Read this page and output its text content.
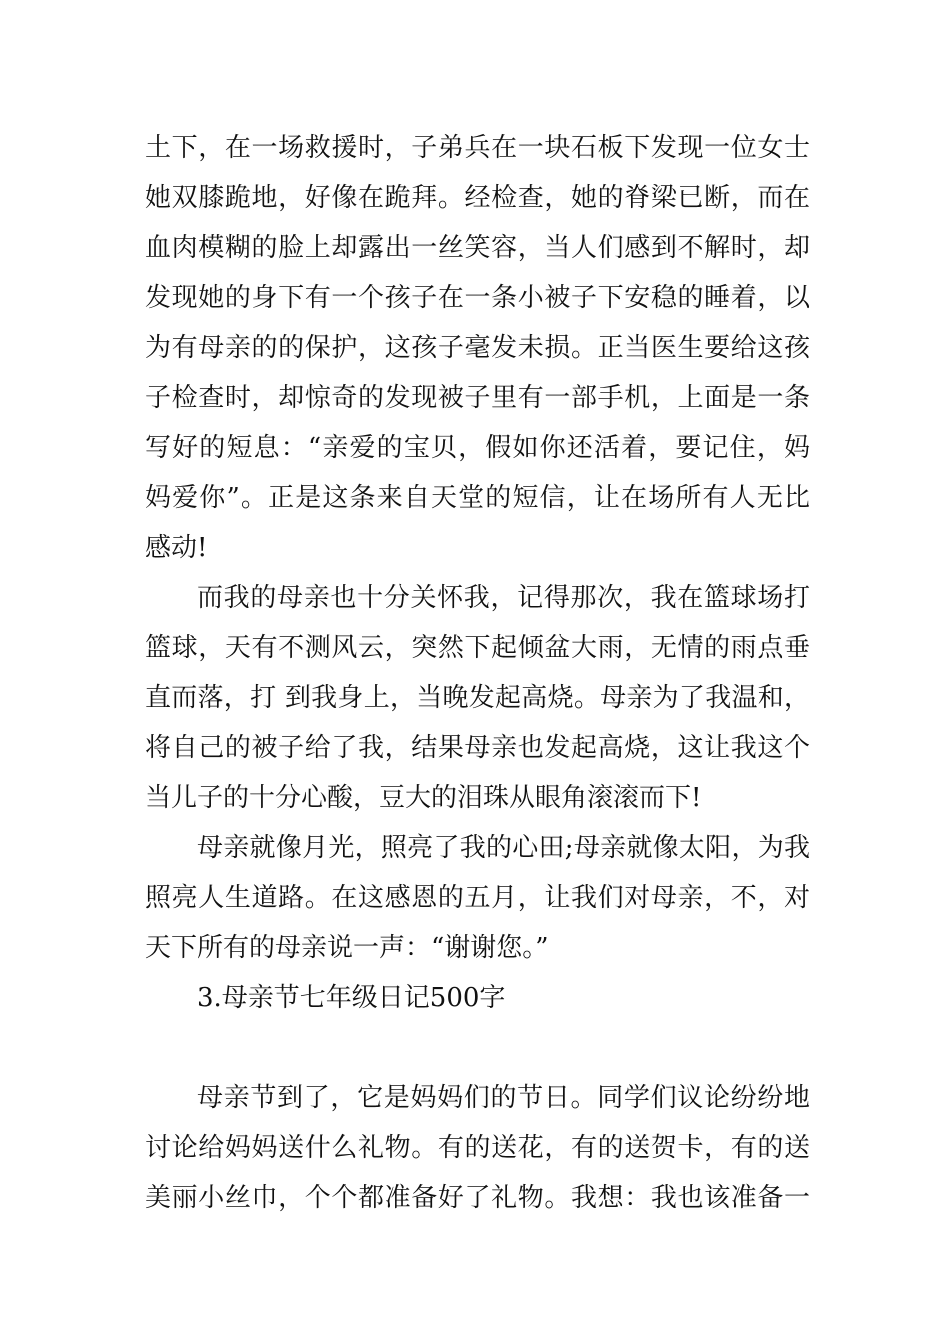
土下，在一场救援时，子弟兵在一块石板下发现一位女士
她双膝跪地，好像在跪拜。经检查，她的脊梁已断，而在
血肉模糊的脸上却露出一丝笑容，当人们感到不解时，却
发现她的身下有一个孩子在一条小被子下安稳的睡着，以
为有母亲的的保护，这孩子毫发未损。正当医生要给这孩
子检查时，却惊奇的发现被子里有一部手机，上面是一条
写好的短息：“亲爱的宝贝，假如你还活着，要记住，妈
妈爱你”。正是这条来自天堂的短信，让在场所有人无比
感动!
而我的母亲也十分关怀我，记得那次，我在篮球场打
篮球，天有不测风云，突然下起倾盆大雨，无情的雨点垂
直而落，打 到我身上，当晚发起高烧。母亲为了我温和，
将自己的被子给了我，结果母亲也发起高烧，这让我这个
当儿子的十分心酸，豆大的泪珠从眼角滚滚而下!
母亲就像月光，照亮了我的心田;母亲就像太阳，为我
照亮人生道路。在这感恩的五月，让我们对母亲，不，对
天下所有的母亲说一声：“谢谢您。”
3.母亲节七年级日记500字
母亲节到了，它是妈妈们的节日。同学们议论纷纷地
讨论给妈妈送什么礼物。有的送花，有的送贺卡，有的送
美丽小丝巾，个个都准备好了礼物。我想：我也该准备一
